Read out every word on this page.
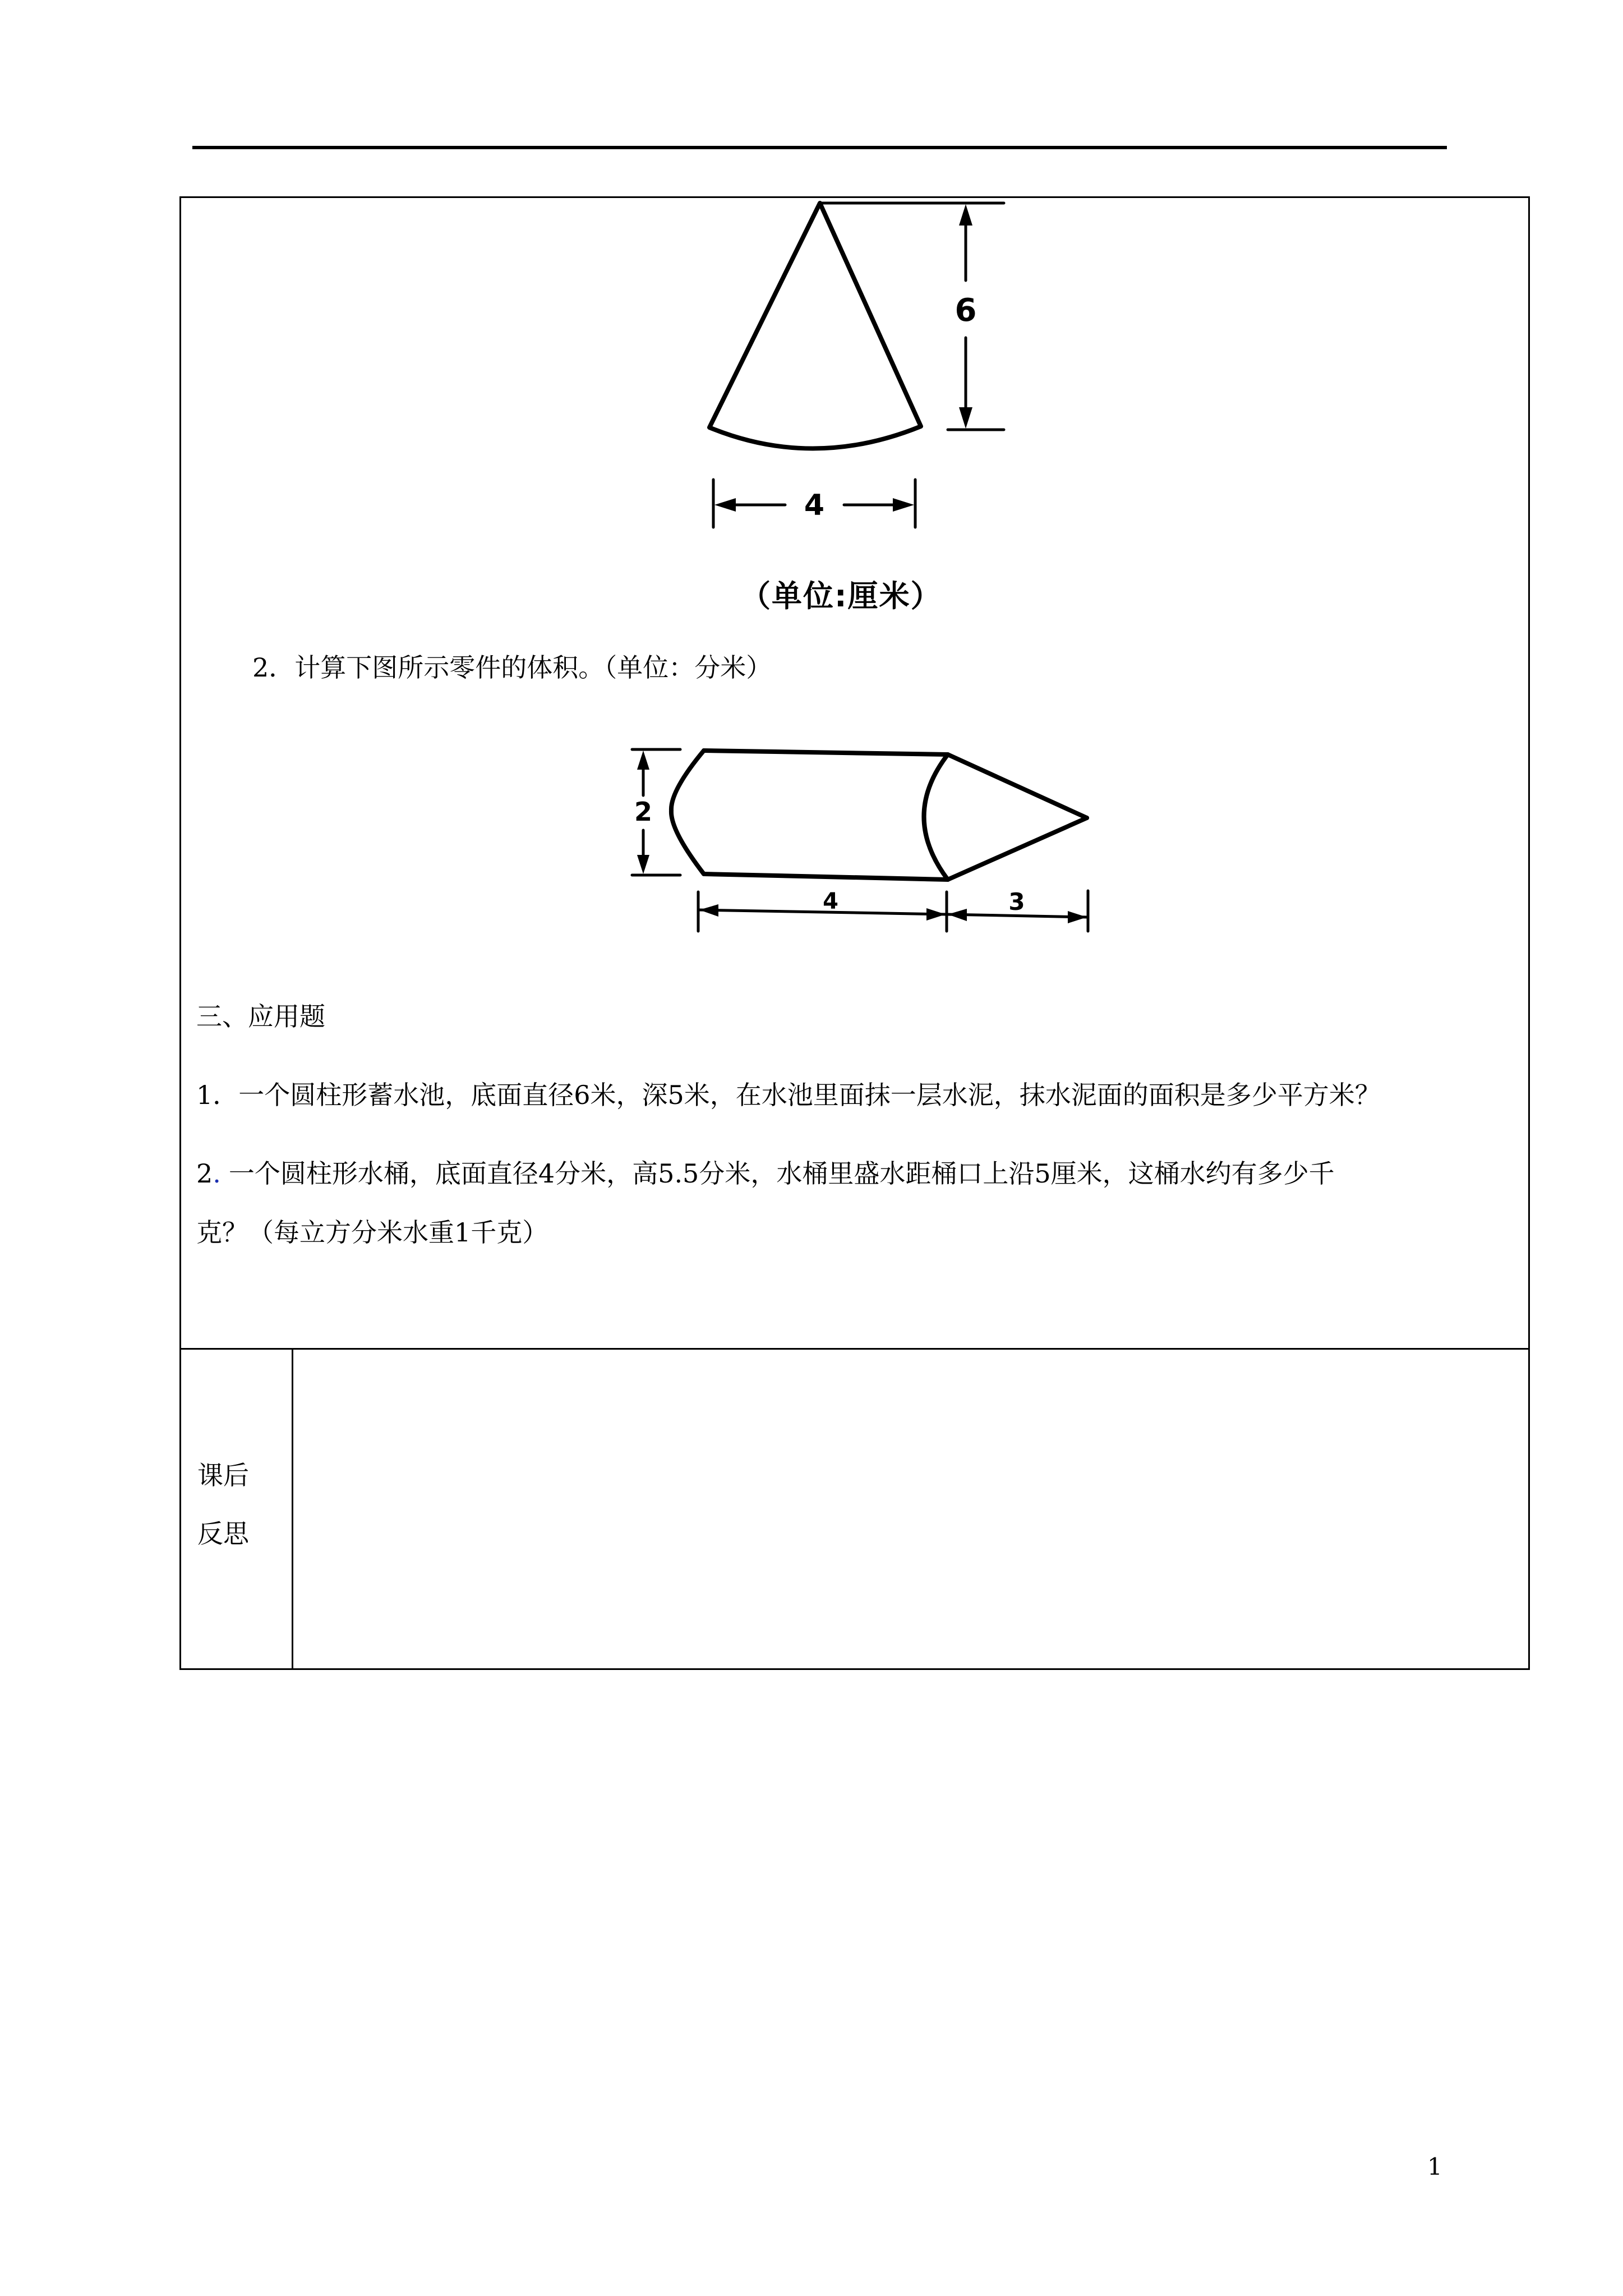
6
4
（单位:厘米）
2．计算下图所示零件的体积。（单位：分米）
2
4	3
三、应用题
1．一个圆柱形蓄水池，底面直径6米，深5米，在水池里面抹一层水泥，抹水泥面的面积是多少平方米？
2. 一个圆柱形水桶，底面直径4分米，高5.5分米，水桶里盛水距桶口上沿5厘米，这桶水约有多少千
克？（每立方分米水重1千克）
课后
反思
1
